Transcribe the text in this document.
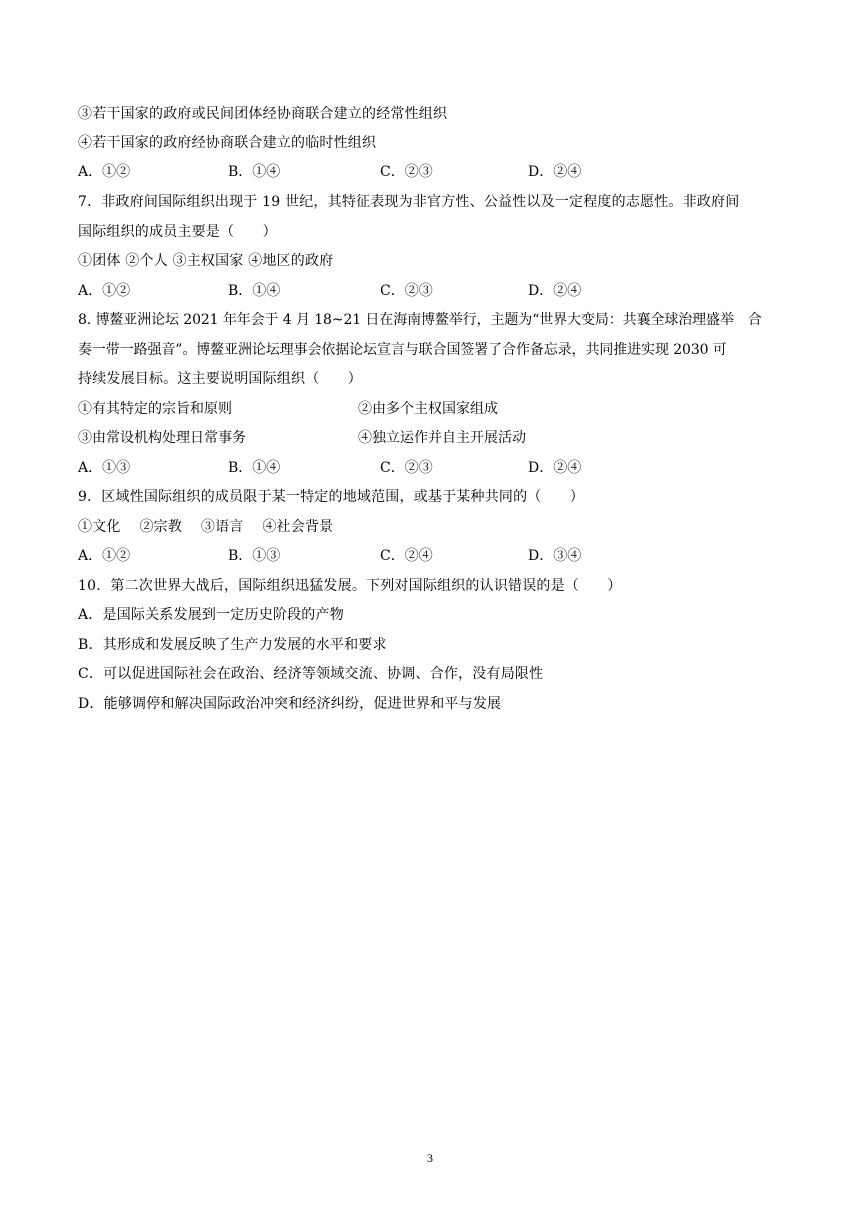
③若干国家的政府或民间团体经协商联合建立的经常性组织
④若干国家的政府经协商联合建立的临时性组织
A．①②	B．①④	C．②③	D．②④
7．非政府间国际组织出现于 19 世纪，其特征表现为非官方性、公益性以及一定程度的志愿性。非政府间
国际组织的成员主要是（　　）
①团体 ②个人 ③主权国家 ④地区的政府
A．①②	B．①④	C．②③	D．②④
8. 博鳌亚洲论坛 2021 年年会于 4 月 18~21 日在海南博鳌举行，主题为“世界大变局：共襄全球治理盛举　合
奏一带一路强音”。博鳌亚洲论坛理事会依据论坛宣言与联合国签署了合作备忘录，共同推进实现 2030 可
持续发展目标。这主要说明国际组织（　　）
①有其特定的宗旨和原则	②由多个主权国家组成
③由常设机构处理日常事务	④独立运作并自主开展活动
A．①③	B．①④	C．②③	D．②④
9．区域性国际组织的成员限于某一特定的地域范围，或基于某种共同的（　　）
①文化　 ②宗教　 ③语言　 ④社会背景
A．①②	B．①③	C．②④	D．③④
10．第二次世界大战后，国际组织迅猛发展。下列对国际组织的认识错误的是（　　）
A．是国际关系发展到一定历史阶段的产物
B．其形成和发展反映了生产力发展的水平和要求
C．可以促进国际社会在政治、经济等领域交流、协调、合作，没有局限性
D．能够调停和解决国际政治冲突和经济纠纷，促进世界和平与发展
3
